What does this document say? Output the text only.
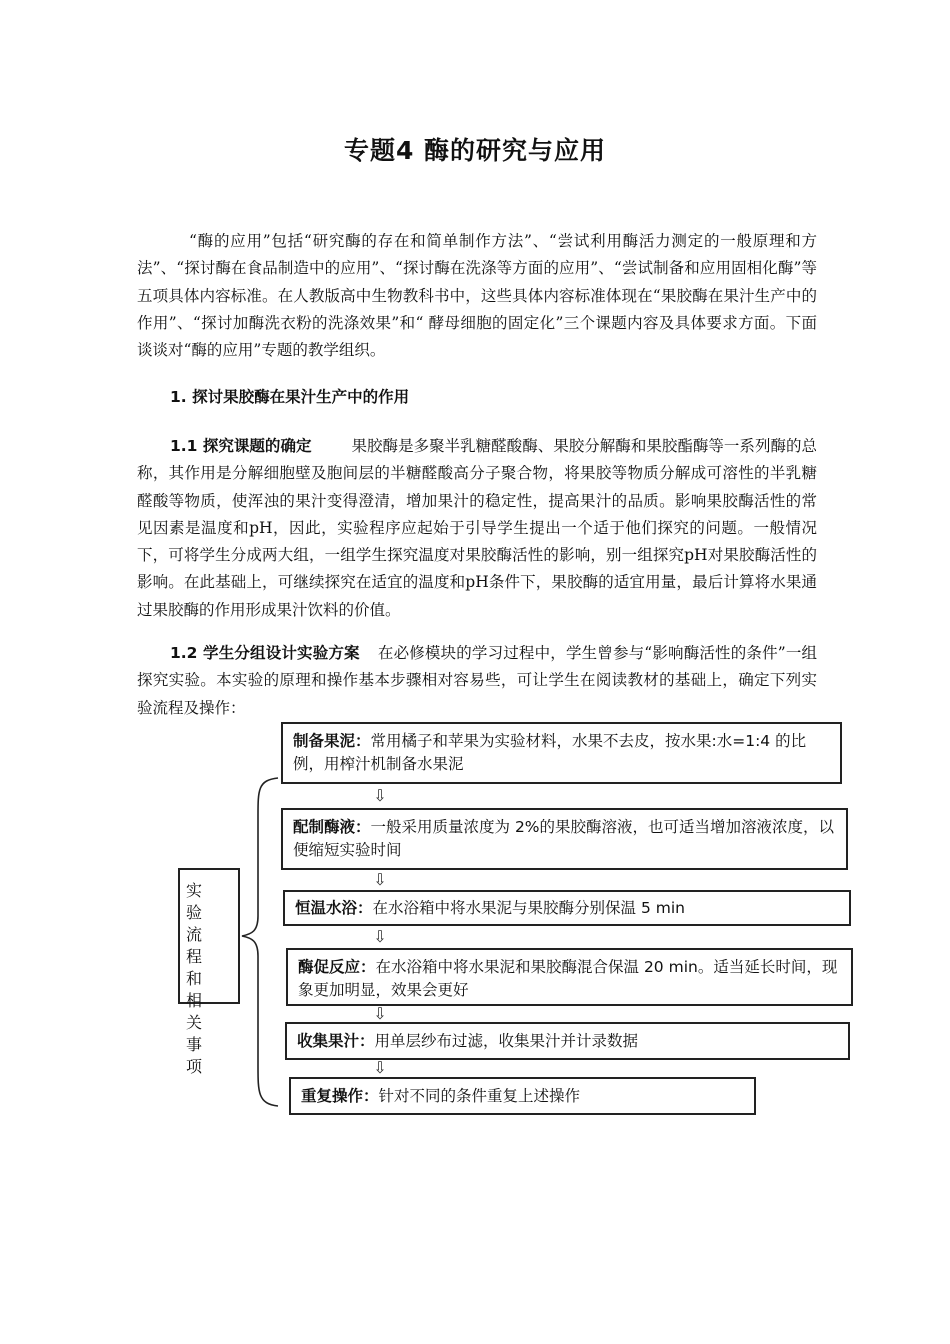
专题4 酶的研究与应用

“酶的应用”包括“研究酶的存在和简单制作方法”、“尝试利用酶活力测定的一般原理和方法”、“探讨酶在食品制造中的应用”、“探讨酶在洗涤等方面的应用”、“尝试制备和应用固相化酶”等五项具体内容标准。在人教版高中生物教科书中，这些具体内容标准体现在“果胶酶在果汁生产中的作用”、“探讨加酶洗衣粉的洗涤效果”和“ 酵母细胞的固定化”三个课题内容及具体要求方面。下面谈谈对“酶的应用”专题的教学组织。

1. 探讨果胶酶在果汁生产中的作用

1.1 探究课题的确定	果胶酶是多聚半乳糖醛酸酶、果胶分解酶和果胶酯酶等一系列酶的总称，其作用是分解细胞壁及胞间层的半糖醛酸高分子聚合物，将果胶等物质分解成可溶性的半乳糖醛酸等物质，使浑浊的果汁变得澄清，增加果汁的稳定性，提高果汁的品质。影响果胶酶活性的常见因素是温度和pH，因此，实验程序应起始于引导学生提出一个适于他们探究的问题。一般情况下，可将学生分成两大组，一组学生探究温度对果胶酶活性的影响，别一组探究pH对果胶酶活性的影响。在此基础上，可继续探究在适宜的温度和pH条件下，果胶酶的适宜用量，最后计算将水果通过果胶酶的作用形成果汁饮料的价值。

1.2 学生分组设计实验方案 在必修模块的学习过程中，学生曾参与“影响酶活性的条件”一组探究实验。本实验的原理和操作基本步骤相对容易些，可让学生在阅读教材的基础上，确定下列实验流程及操作：

实 验
流 程
和 相
关 事
项
制备果泥：常用橘子和苹果为实验材料，水果不去皮，按水果:水=1:4 的比例，用榨汁机制备水果泥
⇩
配制酶液：一般采用质量浓度为 2%的果胶酶溶液，也可适当增加溶液浓度，以便缩短实验时间
⇩
恒温水浴：在水浴箱中将水果泥与果胶酶分别保温 5 min
⇩
酶促反应：在水浴箱中将水果泥和果胶酶混合保温 20 min。适当延长时间，现象更加明显，效果会更好
⇩
收集果汁：用单层纱布过滤，收集果汁并计录数据
⇩
重复操作：针对不同的条件重复上述操作
